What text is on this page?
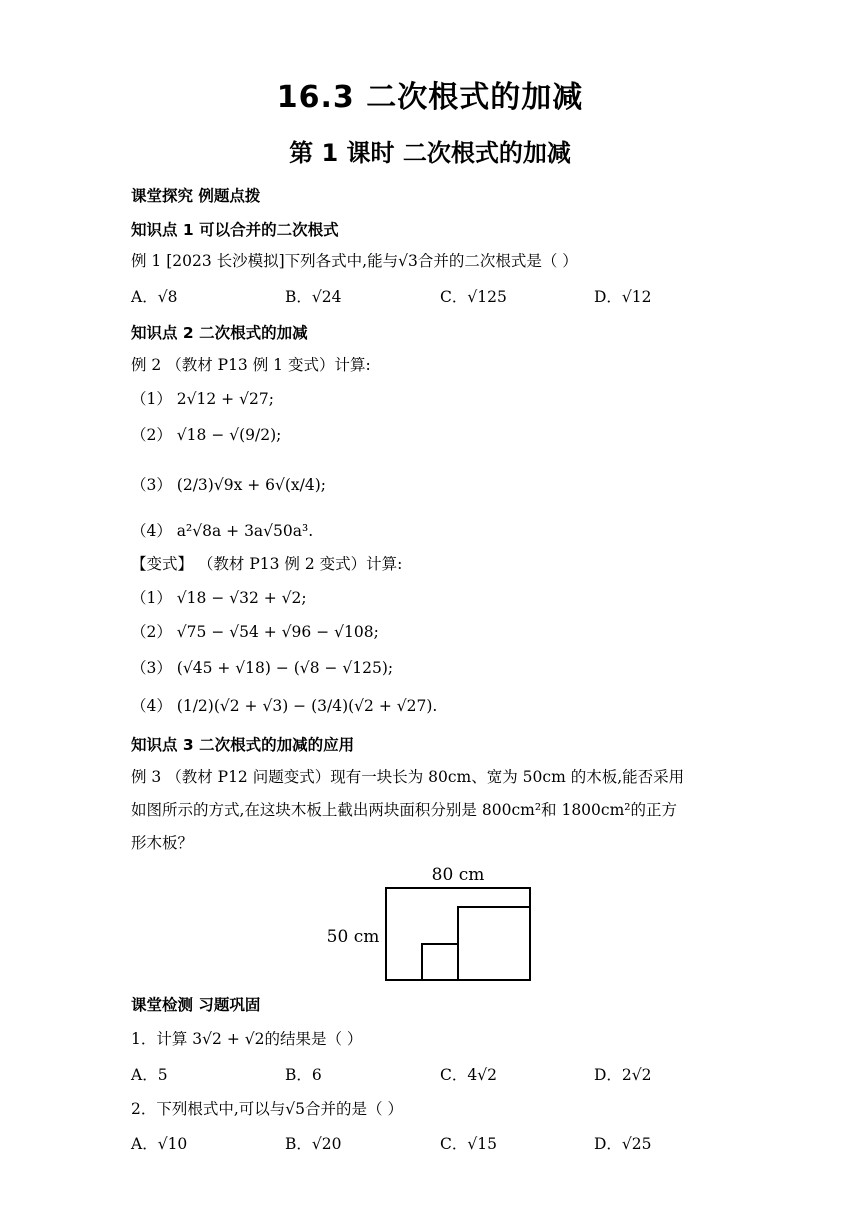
16.3 二次根式的加减
第 1 课时 二次根式的加减
课堂探究 例题点拨
知识点 1 可以合并的二次根式
例 1 [2023 长沙模拟]下列各式中,能与√3合并的二次根式是（ ）
A．√8	B．√24	C．√125	D．√12
知识点 2 二次根式的加减
例 2 （教材 P13 例 1 变式）计算:
（1） 2√12 + √27;
（2） √18 − √(9/2);
（3） (2/3)√9x + 6√(x/4);
（4） a²√8a + 3a√50a³.
【变式】 （教材 P13 例 2 变式）计算:
（1） √18 − √32 + √2;
（2） √75 − √54 + √96 − √108;
（3） (√45 + √18) − (√8 − √125);
（4） (1/2)(√2 + √3) − (3/4)(√2 + √27).
知识点 3 二次根式的加减的应用
例 3 （教材 P12 问题变式）现有一块长为 80cm、宽为 50cm 的木板,能否采用
如图所示的方式,在这块木板上截出两块面积分别是 800cm²和 1800cm²的正方
形木板？
80 cm
50 cm
课堂检测 习题巩固
1．计算 3√2 + √2的结果是（ ）
A．5	B．6	C．4√2	D．2√2
2．下列根式中,可以与√5合并的是（ ）
A．√10	B．√20	C．√15	D．√25
